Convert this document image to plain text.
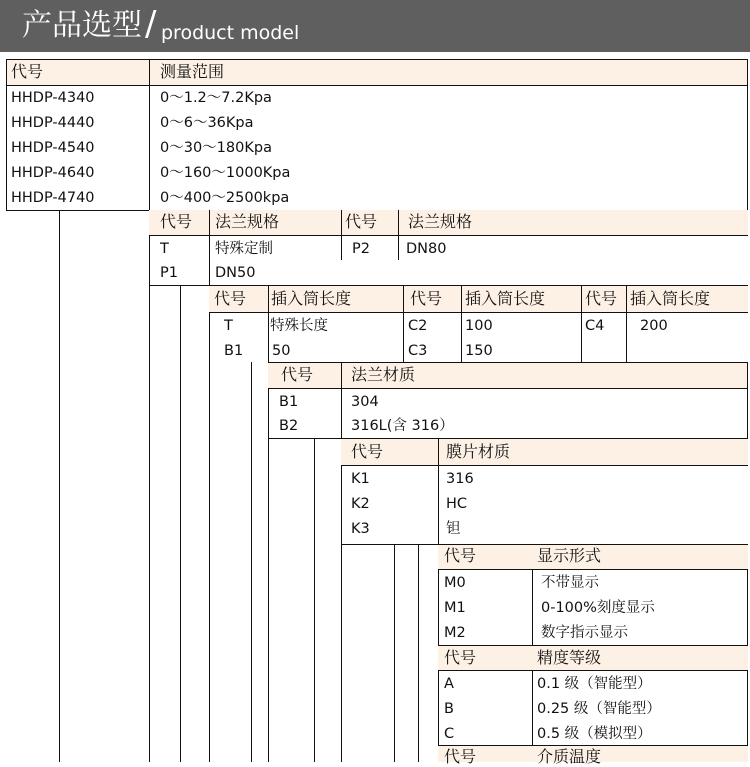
产品选型 / product model
代号	测量范围
HHDP-4340	0～1.2～7.2Kpa
HHDP-4440	0～6～36Kpa
HHDP-4540	0～30～180Kpa
HHDP-4640	0～160～1000Kpa
HHDP-4740	0～400～2500kpa
代号 法兰规格	代号 法兰规格
T	特殊定制	P2 DN80
P1	DN50
代号 插入筒长度	代号 插入筒长度 代号 插入筒长度
T	特殊长度	C2	100	C4 200
B1 50	C3	150
代号 法兰材质
B1	304
B2	316L(含 316）
代号	膜片材质
K1	316
K2	HC
K3	钽
代号	显示形式
M0	不带显示
M1	0-100%刻度显示
M2	数字指示显示
代号	精度等级
A	0.1 级（智能型）
B	0.25 级（智能型）
C	0.5 级（模拟型）
代号	介质温度
